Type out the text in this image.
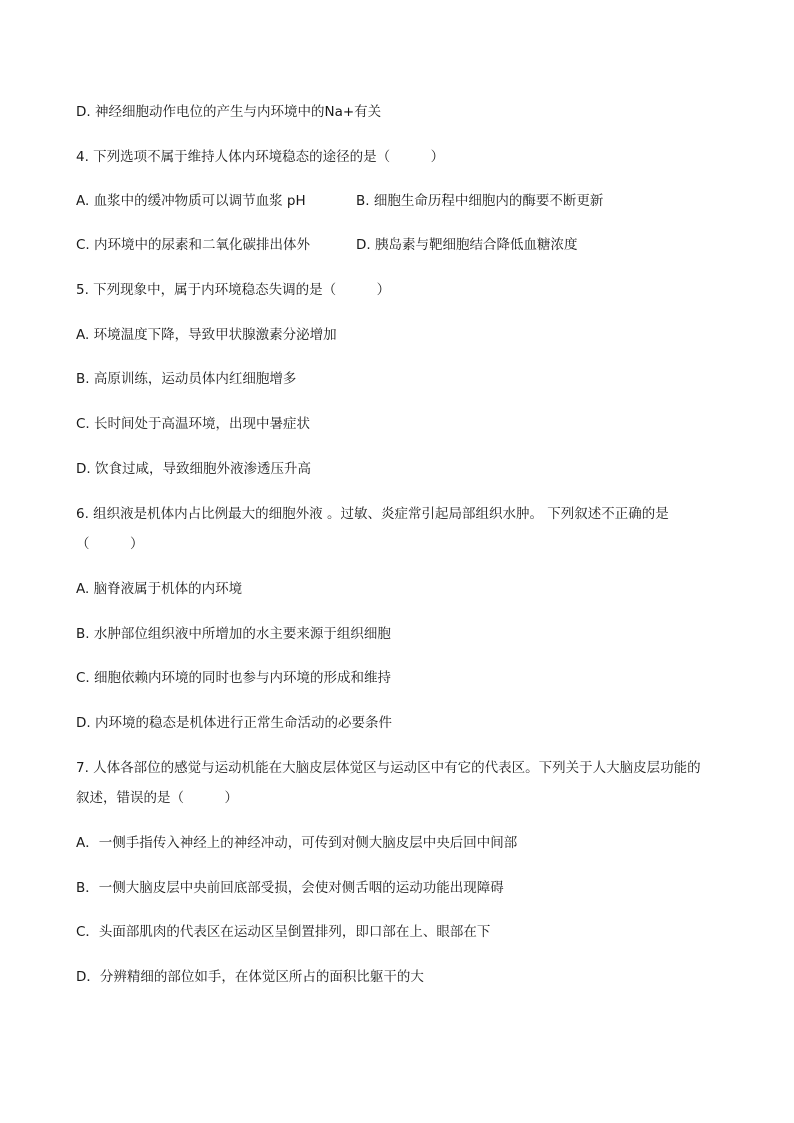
D. 神经细胞动作电位的产生与内环境中的Na+有关
4. 下列选项不属于维持人体内环境稳态的途径的是（　　　）
A. 血浆中的缓冲物质可以调节血浆 pH	B. 细胞生命历程中细胞内的酶要不断更新
C. 内环境中的尿素和二氧化碳排出体外	D. 胰岛素与靶细胞结合降低血糖浓度
5. 下列现象中，属于内环境稳态失调的是（　　　）
A. 环境温度下降，导致甲状腺激素分泌增加
B. 高原训练，运动员体内红细胞增多
C. 长时间处于高温环境，出现中暑症状
D. 饮食过咸，导致细胞外液渗透压升高
6. 组织液是机体内占比例最大的细胞外液 。过敏、炎症常引起局部组织水肿。 下列叙述不正确的是
（　　　）
A. 脑脊液属于机体的内环境
B. 水肿部位组织液中所增加的水主要来源于组织细胞
C. 细胞依赖内环境的同时也参与内环境的形成和维持
D. 内环境的稳态是机体进行正常生命活动的必要条件
7. 人体各部位的感觉与运动机能在大脑皮层体觉区与运动区中有它的代表区。下列关于人大脑皮层功能的
叙述，错误的是（　　　）
A．一侧手指传入神经上的神经冲动，可传到对侧大脑皮层中央后回中间部
B．一侧大脑皮层中央前回底部受损，会使对侧舌咽的运动功能出现障碍
C．头面部肌肉的代表区在运动区呈倒置排列，即口部在上、眼部在下
D．分辨精细的部位如手，在体觉区所占的面积比躯干的大
